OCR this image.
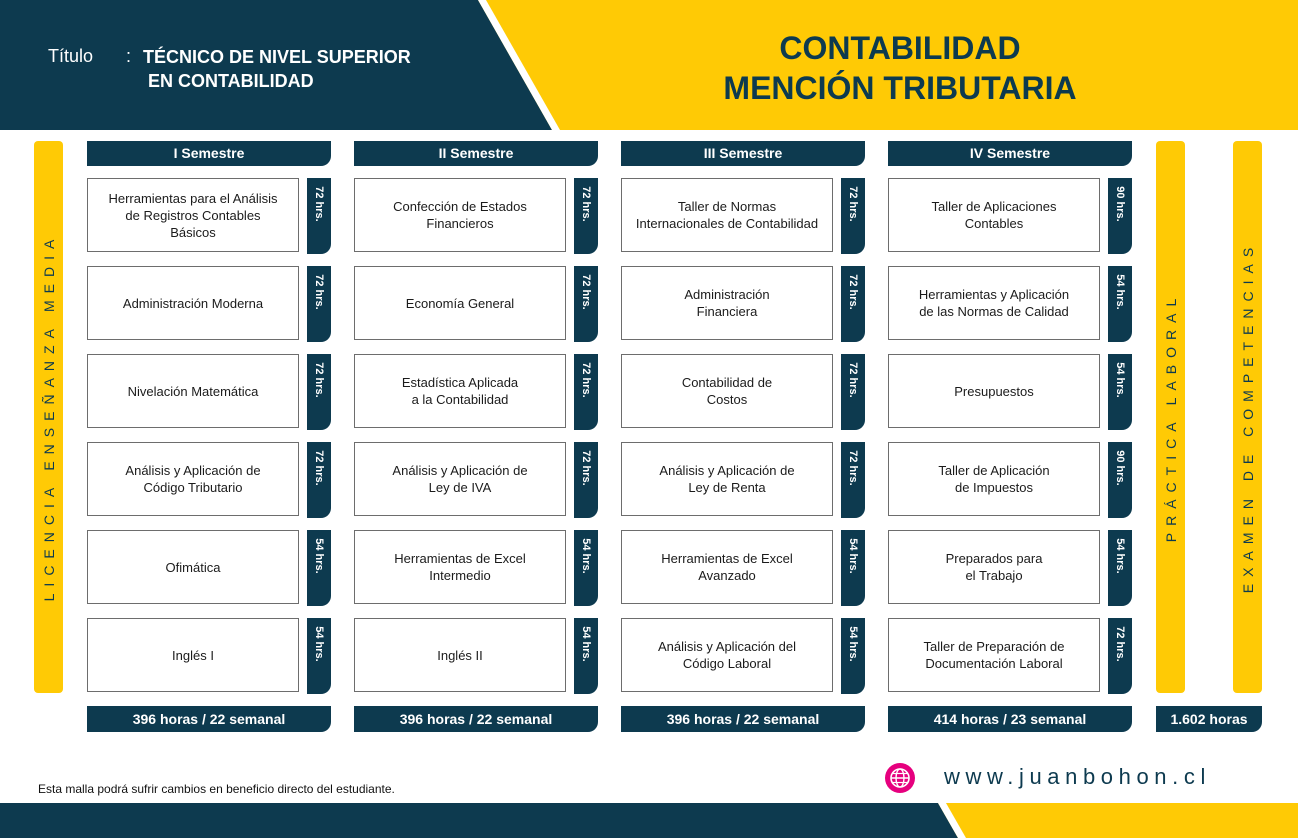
Título : TÉCNICO DE NIVEL SUPERIOR
EN CONTABILIDAD
CONTABILIDAD
MENCIÓN TRIBUTARIA
LICENCIA ENSEÑANZA MEDIA	PRÁCTICA LABORAL	EXAMEN DE COMPETENCIAS
I Semestre
Herramientas para el Análisis
de Registros Contables
Básicos
72 hrs.
Administración Moderna	72 hrs.
Nivelación Matemática	72 hrs.
Análisis y Aplicación de
Código Tributario
72 hrs.
Ofimática	54 hrs.
Inglés I	54 hrs.
396 horas / 22 semanal
II Semestre
Confección de Estados
Financieros
72 hrs.
Economía General	72 hrs.
Estadística Aplicada
a la Contabilidad
72 hrs.
Análisis y Aplicación de
Ley de IVA
72 hrs.
Herramientas de Excel
Intermedio
54 hrs.
Inglés II	54 hrs.
396 horas / 22 semanal
III Semestre
Taller de Normas
Internacionales de Contabilidad
72 hrs.
Administración
Financiera
72 hrs.
Contabilidad de
Costos
72 hrs.
Análisis y Aplicación de
Ley de Renta
72 hrs.
Herramientas de Excel
Avanzado
54 hrs.
Análisis y Aplicación del
Código Laboral
54 hrs.
396 horas / 22 semanal
IV Semestre
Taller de Aplicaciones
Contables
90 hrs.
Herramientas y Aplicación
de las Normas de Calidad
54 hrs.
Presupuestos	54 hrs.
Taller de Aplicación
de Impuestos
90 hrs.
Preparados para
el Trabajo
54 hrs.
Taller de Preparación de
Documentación Laboral
72 hrs.
414 horas / 23 semanal	1.602 horas
Esta malla podrá sufrir cambios en beneficio directo del estudiante.	www.juanbohon.cl
